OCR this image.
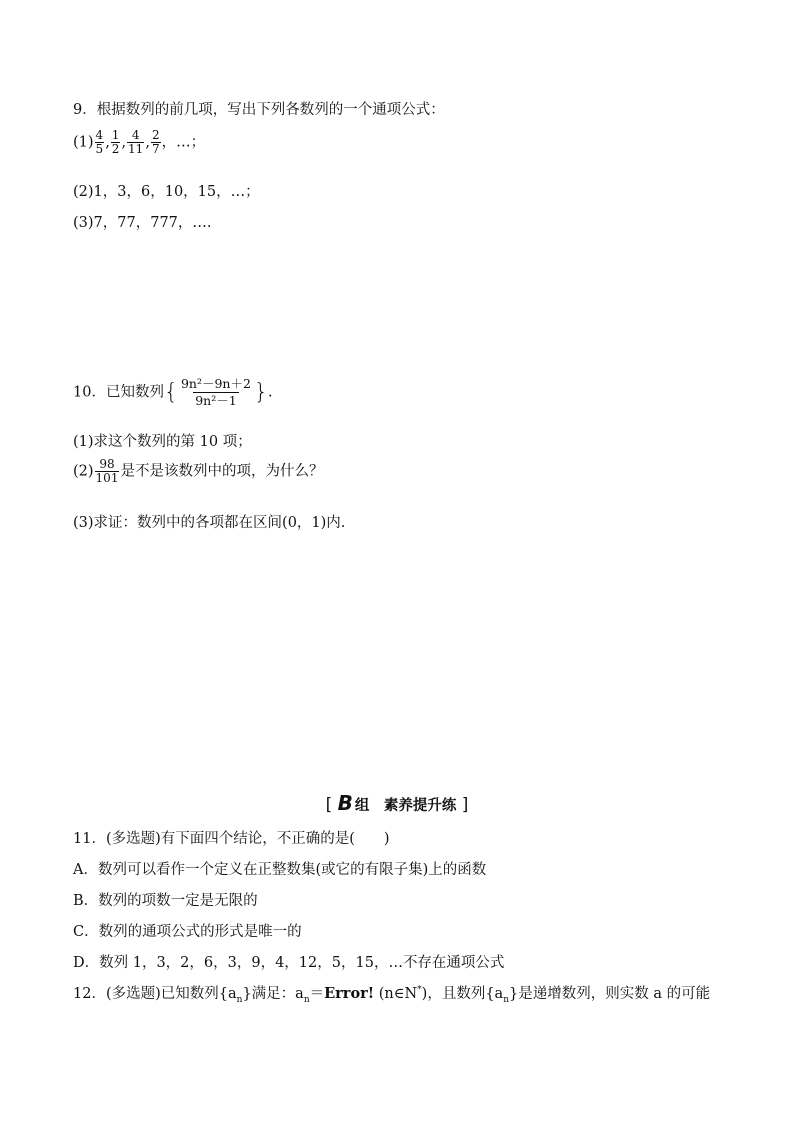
9．根据数列的前几项，写出下列各数列的一个通项公式：
$(1) \frac{4}{5}$ , $\frac{1}{2}$ , $\frac{4}{11}$ , $\frac{2}{7}$ ，…；
(2)1，3，6，10，15，…；
(3)7，77，777，….
10．已知数列{ $\frac{\text{9n²－9n＋2}}{\text{9n²－1}}$ }.
(1)求这个数列的第 10 项；
$(2) \frac{98}{101}$ 是不是该数列中的项，为什么？
(3)求证：数列中的各项都在区间(0，1)内.
[ B 组　素养提升练 ]
11．(多选题)有下面四个结论，不正确的是(　　)
A．数列可以看作一个定义在正整数集(或它的有限子集)上的函数
B．数列的项数一定是无限的
C．数列的通项公式的形式是唯一的
D．数列 1，3，2，6，3，9，4，12，5，15，…不存在通项公式
12．(多选题)已知数列$\{a_n\}$满足：$a_n=Error$! (n∈N*)，且数列$\{a_n\}$是递增数列，则实数 a 的可能
